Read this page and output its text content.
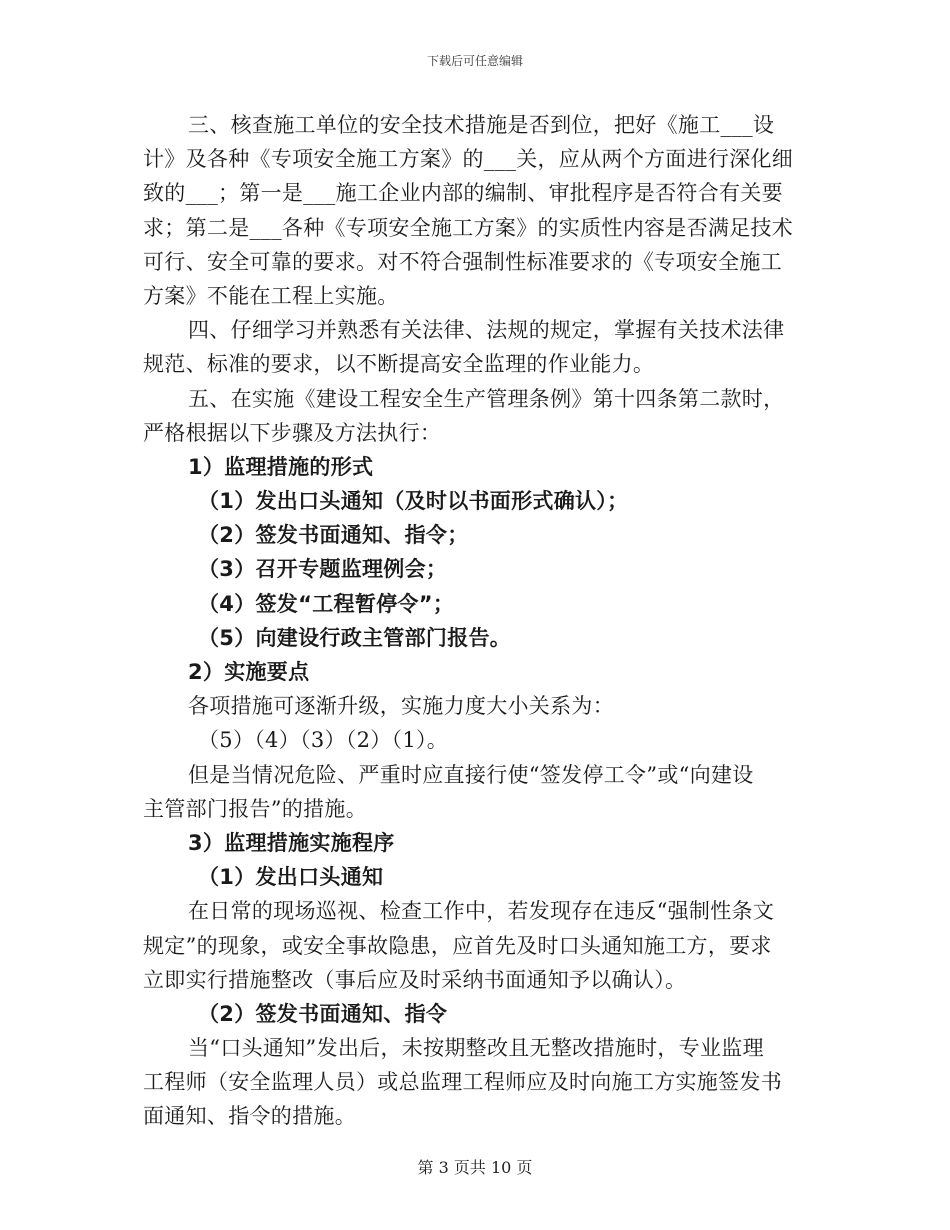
下载后可任意编辑
三、核查施工单位的安全技术措施是否到位，把好《施工___设
计》及各种《专项安全施工方案》的___关，应从两个方面进行深化细
致的___；第一是___施工企业内部的编制、审批程序是否符合有关要
求；第二是___各种《专项安全施工方案》的实质性内容是否满足技术
可行、安全可靠的要求。对不符合强制性标准要求的《专项安全施工
方案》不能在工程上实施。
四、仔细学习并熟悉有关法律、法规的规定，掌握有关技术法律
规范、标准的要求，以不断提高安全监理的作业能力。
五、在实施《建设工程安全生产管理条例》第十四条第二款时，
严格根据以下步骤及方法执行：
1）监理措施的形式
（1）发出口头通知（及时以书面形式确认）；
（2）签发书面通知、指令；
（3）召开专题监理例会；
（4）签发“工程暂停令”；
（5）向建设行政主管部门报告。
2）实施要点
各项措施可逐渐升级，实施力度大小关系为：
（5）（4）（3）（2）（1）。
但是当情况危险、严重时应直接行使“签发停工令”或“向建设
主管部门报告”的措施。
3）监理措施实施程序
（1）发出口头通知
在日常的现场巡视、检查工作中，若发现存在违反“强制性条文
规定”的现象，或安全事故隐患，应首先及时口头通知施工方，要求
立即实行措施整改（事后应及时采纳书面通知予以确认）。
（2）签发书面通知、指令
当“口头通知”发出后，未按期整改且无整改措施时，专业监理
工程师（安全监理人员）或总监理工程师应及时向施工方实施签发书
面通知、指令的措施。
第 3 页共 10 页
